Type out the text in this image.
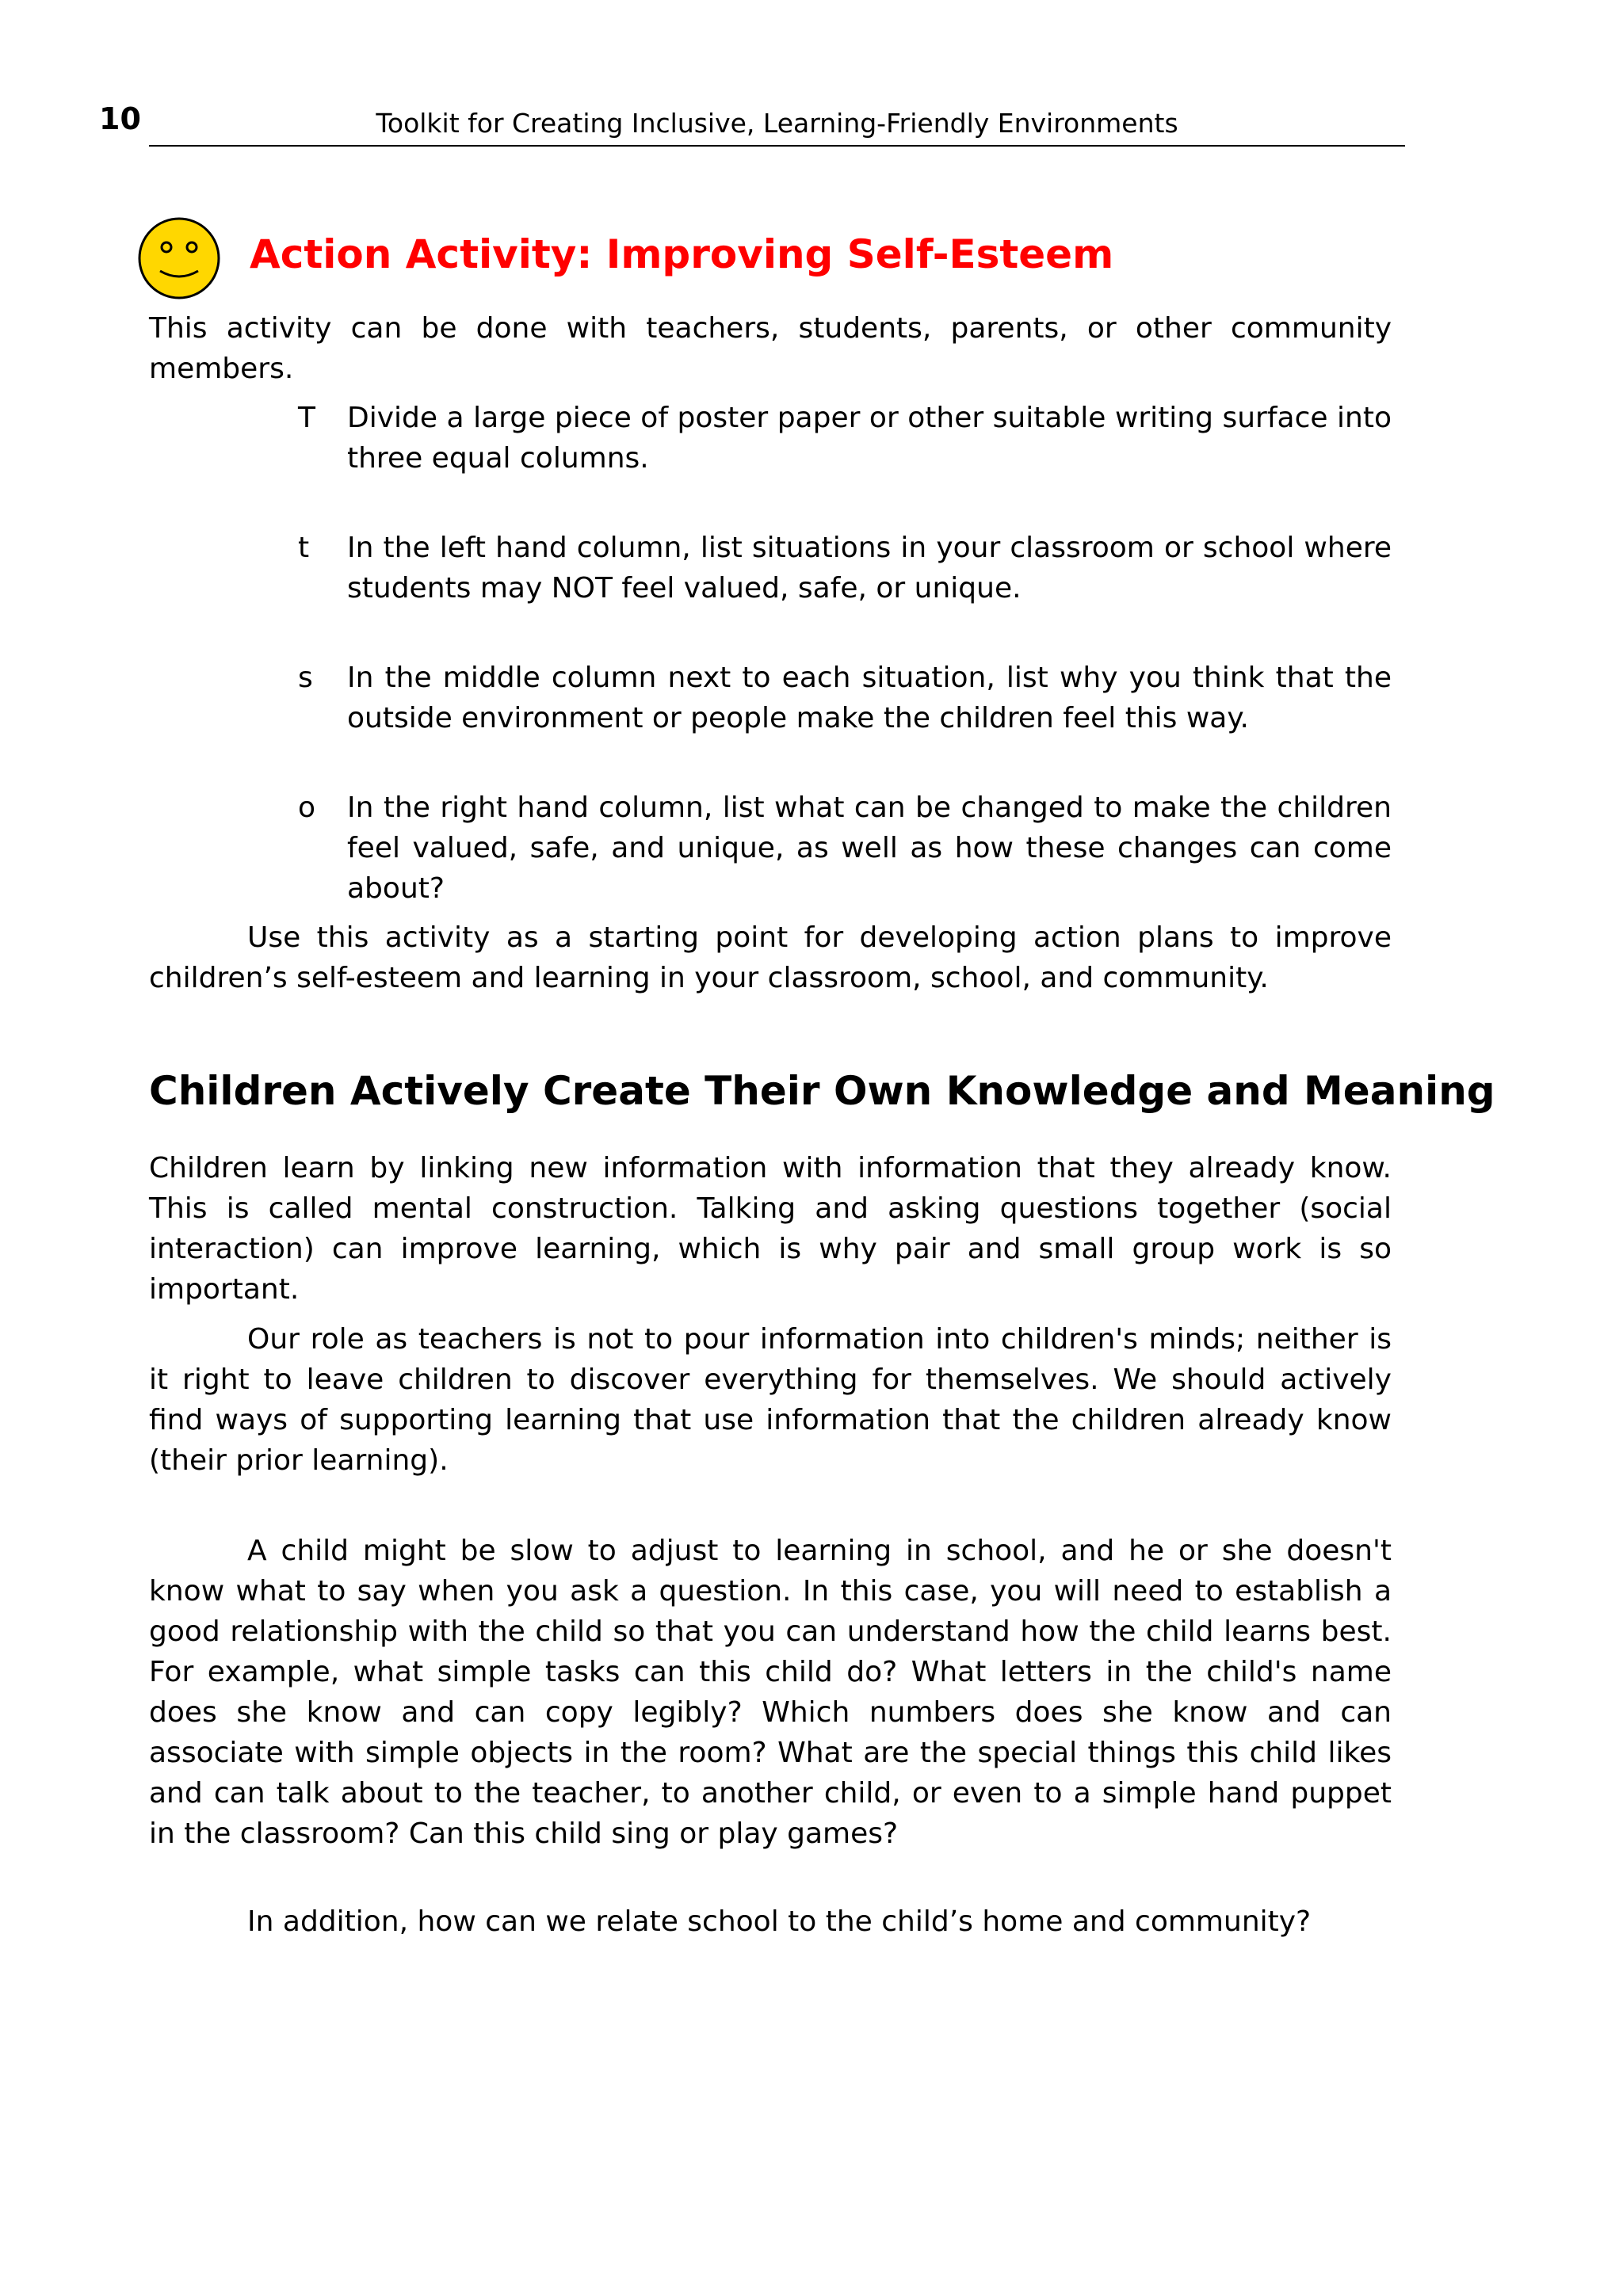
10	Toolkit for Creating Inclusive, Learning-Friendly Environments

Action Activity: Improving Self-Esteem

This activity can be done with teachers, students, parents, or other community members.

T Divide a large piece of poster paper or other suitable writing surface into three equal columns.

t In the left hand column, list situations in your classroom or school where students may NOT feel valued, safe, or unique.

s In the middle column next to each situation, list why you think that the outside environment or people make the children feel this way.

o In the right hand column, list what can be changed to make the children feel valued, safe, and unique, as well as how these changes can come about?

Use this activity as a starting point for developing action plans to improve children’s self-esteem and learning in your classroom, school, and community.

Children Actively Create Their Own Knowledge and Meaning

Children learn by linking new information with information that they already know. This is called mental construction. Talking and asking questions together (social interaction) can improve learning, which is why pair and small group work is so important.

Our role as teachers is not to pour information into children's minds; neither is it right to leave children to discover everything for themselves. We should actively find ways of supporting learning that use information that the children already know (their prior learning).

A child might be slow to adjust to learning in school, and he or she doesn't know what to say when you ask a question. In this case, you will need to establish a good relationship with the child so that you can understand how the child learns best. For example, what simple tasks can this child do? What letters in the child's name does she know and can copy legibly? Which numbers does she know and can associate with simple objects in the room? What are the special things this child likes and can talk about to the teacher, to another child, or even to a simple hand puppet in the classroom? Can this child sing or play games?

In addition, how can we relate school to the child’s home and community?
